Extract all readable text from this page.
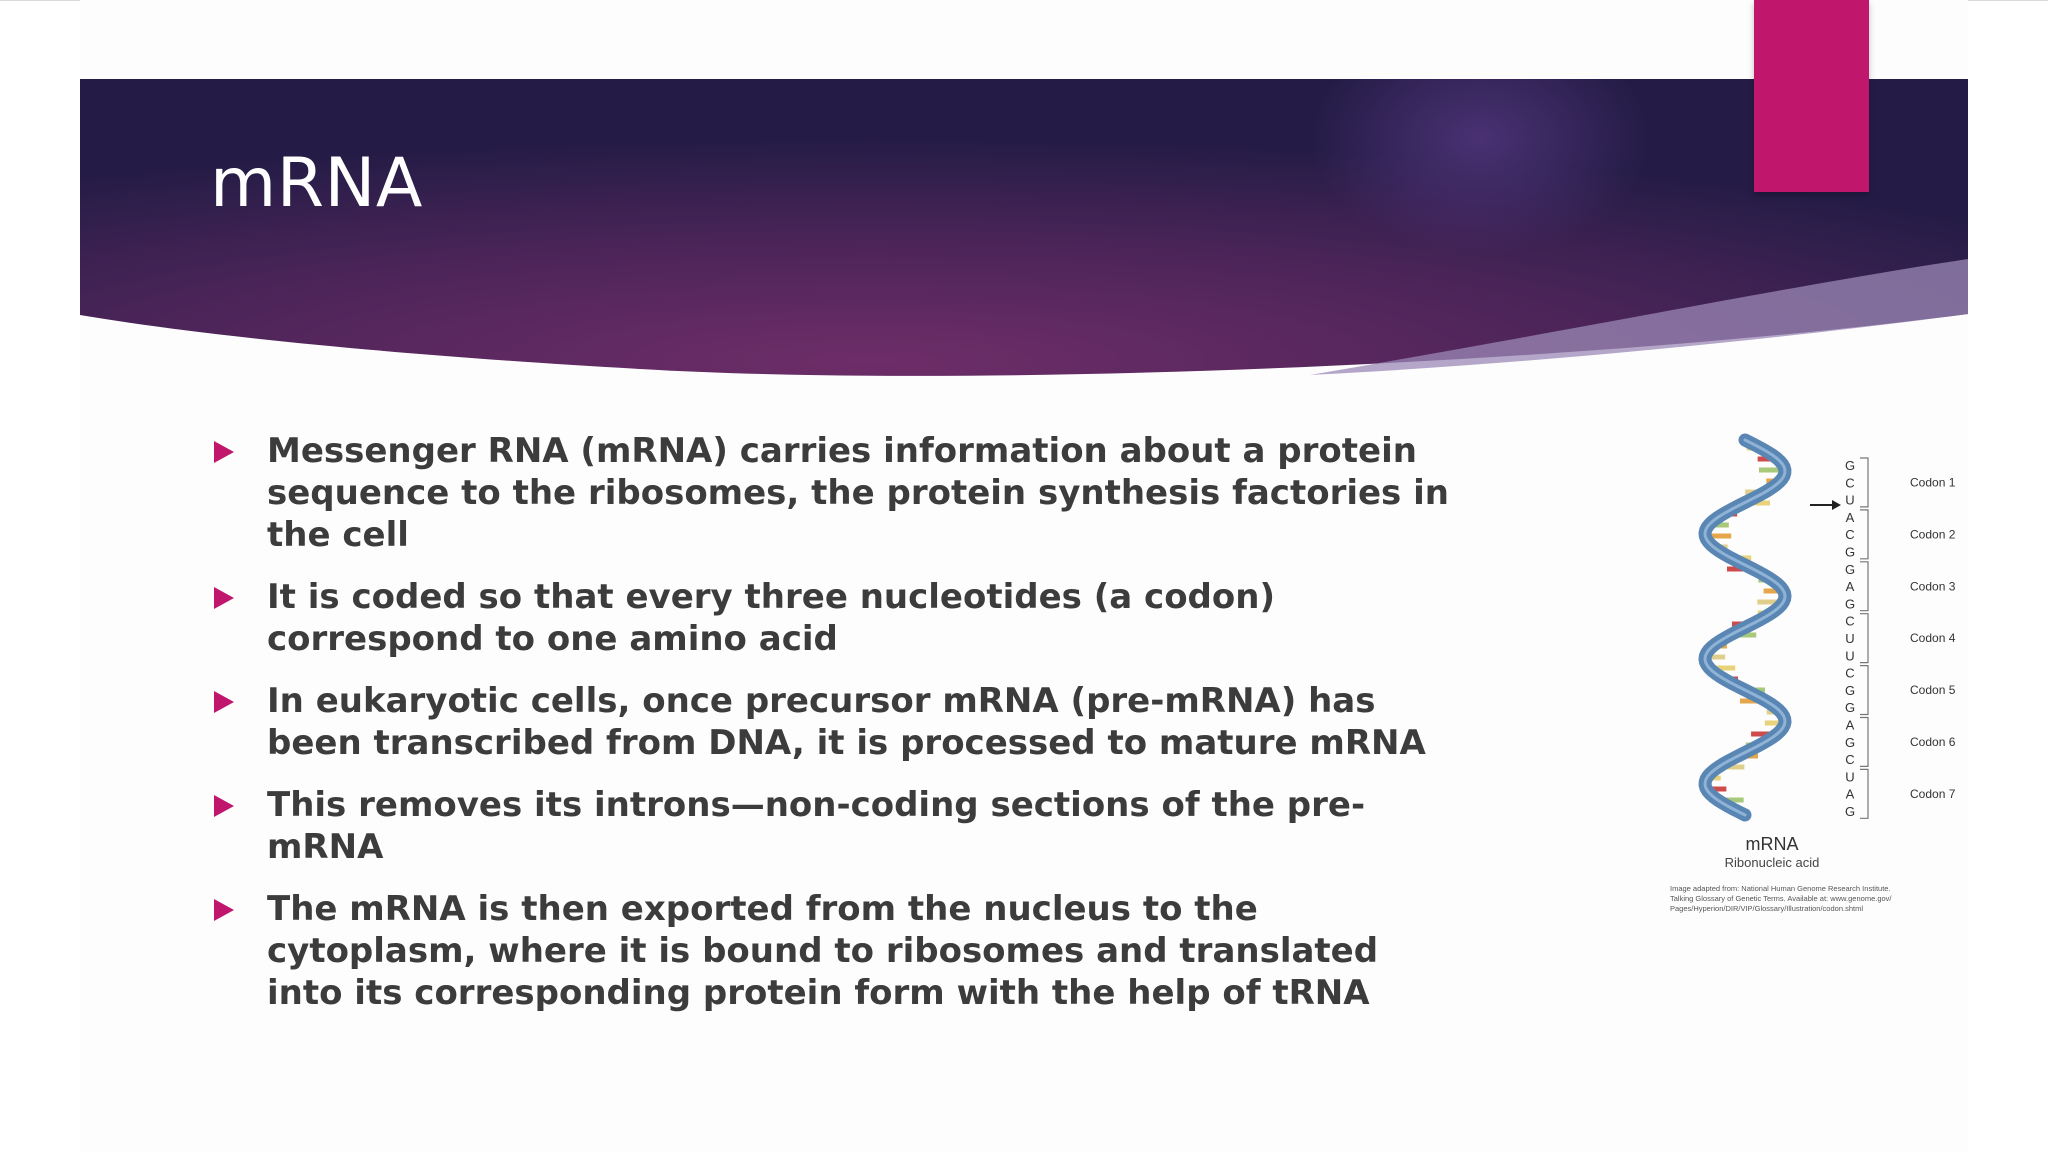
mRNA
Messenger RNA (mRNA) carries information about a protein sequence to the ribosomes, the protein synthesis factories in the cell
It is coded so that every three nucleotides (a codon) correspond to one amino acid
In eukaryotic cells, once precursor mRNA (pre-mRNA) has been transcribed from DNA, it is processed to mature mRNA
This removes its introns—non-coding sections of the pre-mRNA
The mRNA is then exported from the nucleus to the cytoplasm, where it is bound to ribosomes and translated into its corresponding protein form with the help of tRNA
G
C
U
A
C
G
G
A
G
C
U
U
C
G
G
A
G
C
U
A
G
Codon 1
Codon 2
Codon 3
Codon 4
Codon 5
Codon 6
Codon 7
mRNA
Ribonucleic acid
Image adapted from: National Human Genome Research Institute.
Talking Glossary of Genetic Terms. Available at: www.genome.gov/
Pages/Hyperion/DIR/VIP/Glossary/Illustration/codon.shtml
